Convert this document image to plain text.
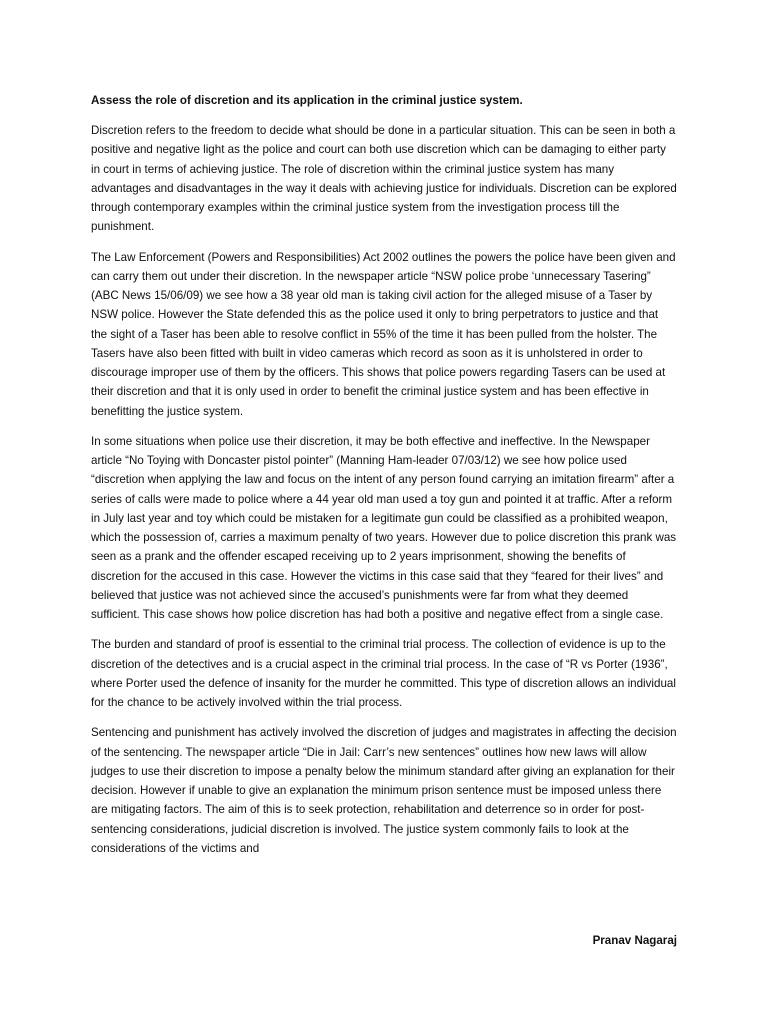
Assess the role of discretion and its application in the criminal justice system.

Discretion refers to the freedom to decide what should be done in a particular situation. This can be seen in both a positive and negative light as the police and court can both use discretion which can be damaging to either party in court in terms of achieving justice. The role of discretion within the criminal justice system has many advantages and disadvantages in the way it deals with achieving justice for individuals. Discretion can be explored through contemporary examples within the criminal justice system from the investigation process till the punishment.

The Law Enforcement (Powers and Responsibilities) Act 2002 outlines the powers the police have been given and can carry them out under their discretion. In the newspaper article “NSW police probe ‘unnecessary Tasering” (ABC News 15/06/09) we see how a 38 year old man is taking civil action for the alleged misuse of a Taser by NSW police. However the State defended this as the police used it only to bring perpetrators to justice and that the sight of a Taser has been able to resolve conflict in 55% of the time it has been pulled from the holster. The Tasers have also been fitted with built in video cameras which record as soon as it is unholstered in order to discourage improper use of them by the officers. This shows that police powers regarding Tasers can be used at their discretion and that it is only used in order to benefit the criminal justice system and has been effective in benefitting the justice system.

In some situations when police use their discretion, it may be both effective and ineffective. In the Newspaper article “No Toying with Doncaster pistol pointer” (Manning Ham-leader 07/03/12) we see how police used “discretion when applying the law and focus on the intent of any person found carrying an imitation firearm” after a series of calls were made to police where a 44 year old man used a toy gun and pointed it at traffic. After a reform in July last year and toy which could be mistaken for a legitimate gun could be classified as a prohibited weapon, which the possession of, carries a maximum penalty of two years. However due to police discretion this prank was seen as a prank and the offender escaped receiving up to 2 years imprisonment, showing the benefits of discretion for the accused in this case. However the victims in this case said that they “feared for their lives” and believed that justice was not achieved since the accused’s punishments were far from what they deemed sufficient. This case shows how police discretion has had both a positive and negative effect from a single case.

The burden and standard of proof is essential to the criminal trial process. The collection of evidence is up to the discretion of the detectives and is a crucial aspect in the criminal trial process. In the case of “R vs Porter (1936”, where Porter used the defence of insanity for the murder he committed. This type of discretion allows an individual for the chance to be actively involved within the trial process.

Sentencing and punishment has actively involved the discretion of judges and magistrates in affecting the decision of the sentencing. The newspaper article “Die in Jail: Carr’s new sentences” outlines how new laws will allow judges to use their discretion to impose a penalty below the minimum standard after giving an explanation for their decision. However if unable to give an explanation the minimum prison sentence must be imposed unless there are mitigating factors. The aim of this is to seek protection, rehabilitation and deterrence so in order for post-sentencing considerations, judicial discretion is involved. The justice system commonly fails to look at the considerations of the victims and

Pranav Nagaraj
